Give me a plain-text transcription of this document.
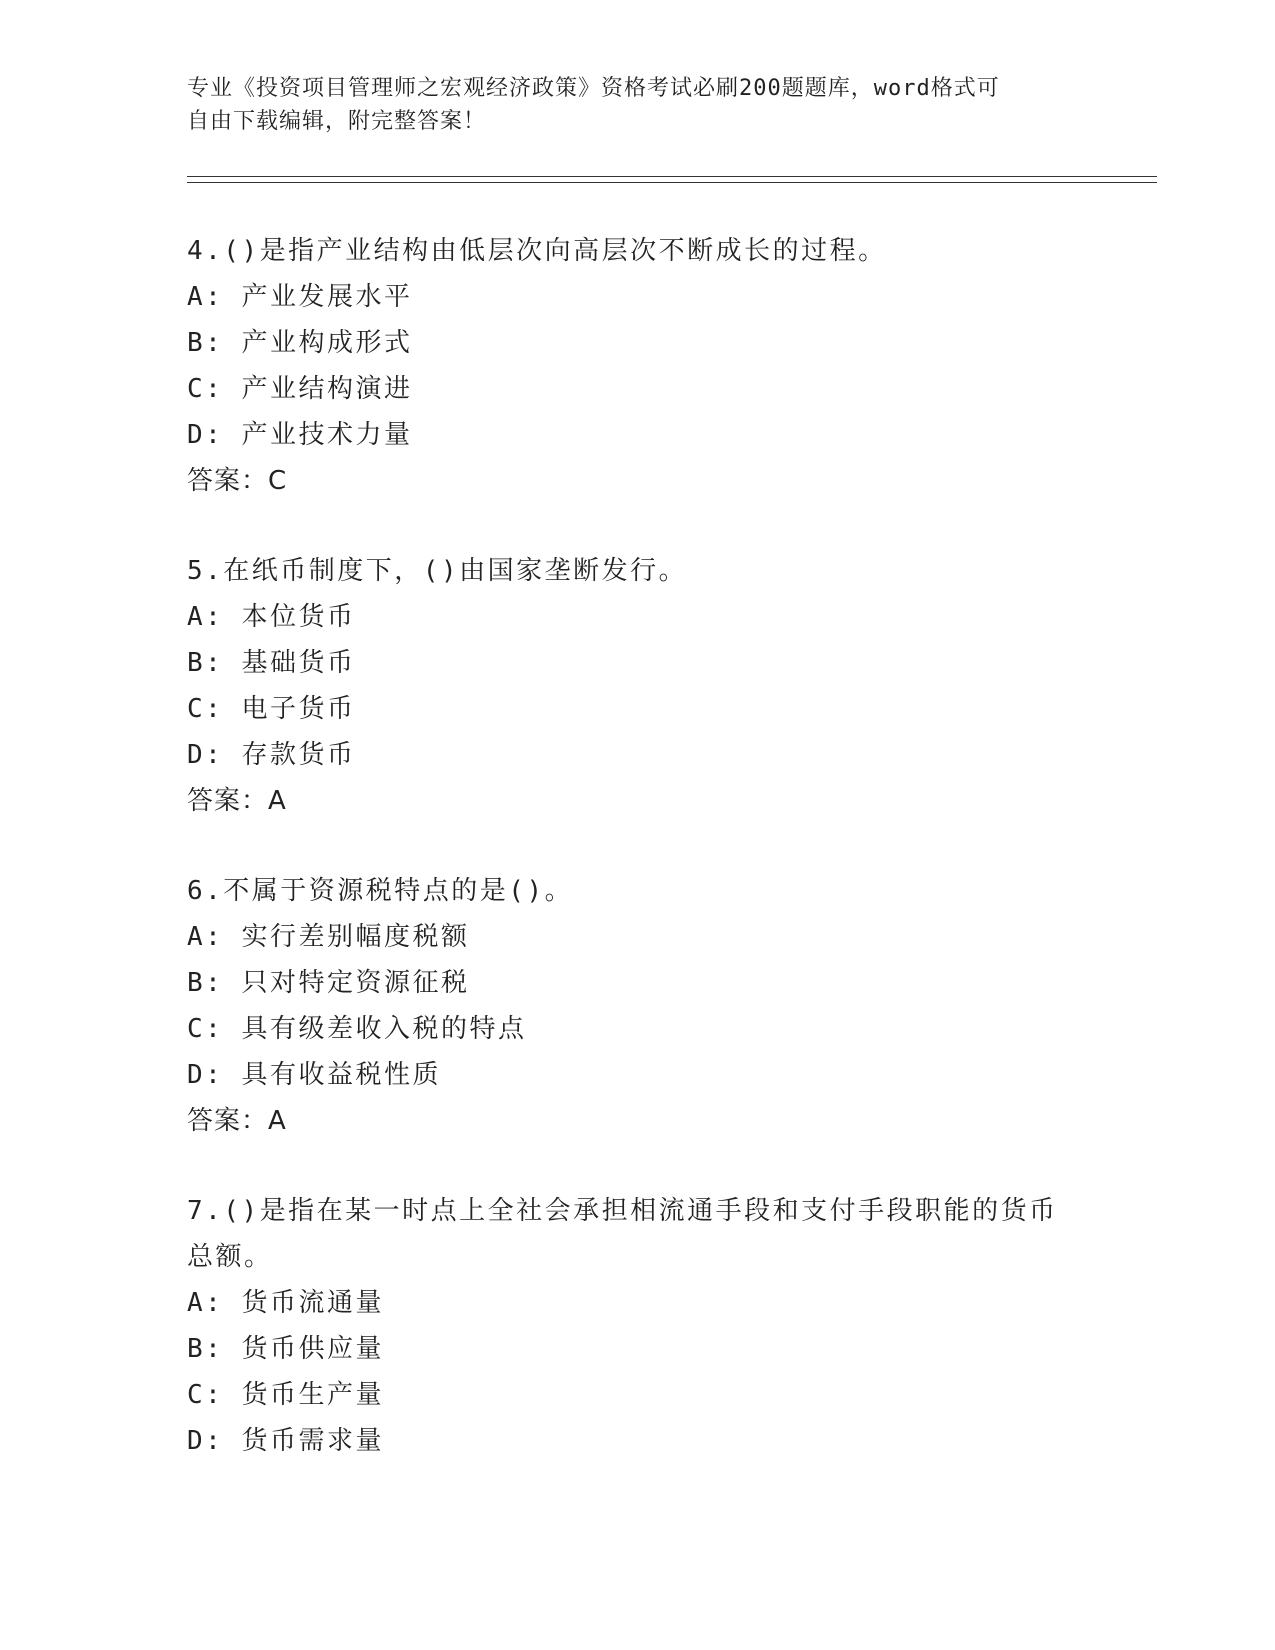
专业《投资项目管理师之宏观经济政策》资格考试必刷200题题库，word格式可
自由下载编辑，附完整答案！

4.()是指产业结构由低层次向高层次不断成长的过程。

A: 产业发展水平

B: 产业构成形式

C: 产业结构演进

D: 产业技术力量

答案：C

5.在纸币制度下，()由国家垄断发行。

A: 本位货币

B: 基础货币

C: 电子货币

D: 存款货币

答案：A

6.不属于资源税特点的是()。

A: 实行差别幅度税额

B: 只对特定资源征税

C: 具有级差收入税的特点

D: 具有收益税性质

答案：A

7.()是指在某一时点上全社会承担相流通手段和支付手段职能的货币

总额。

A: 货币流通量

B: 货币供应量

C: 货币生产量

D: 货币需求量
